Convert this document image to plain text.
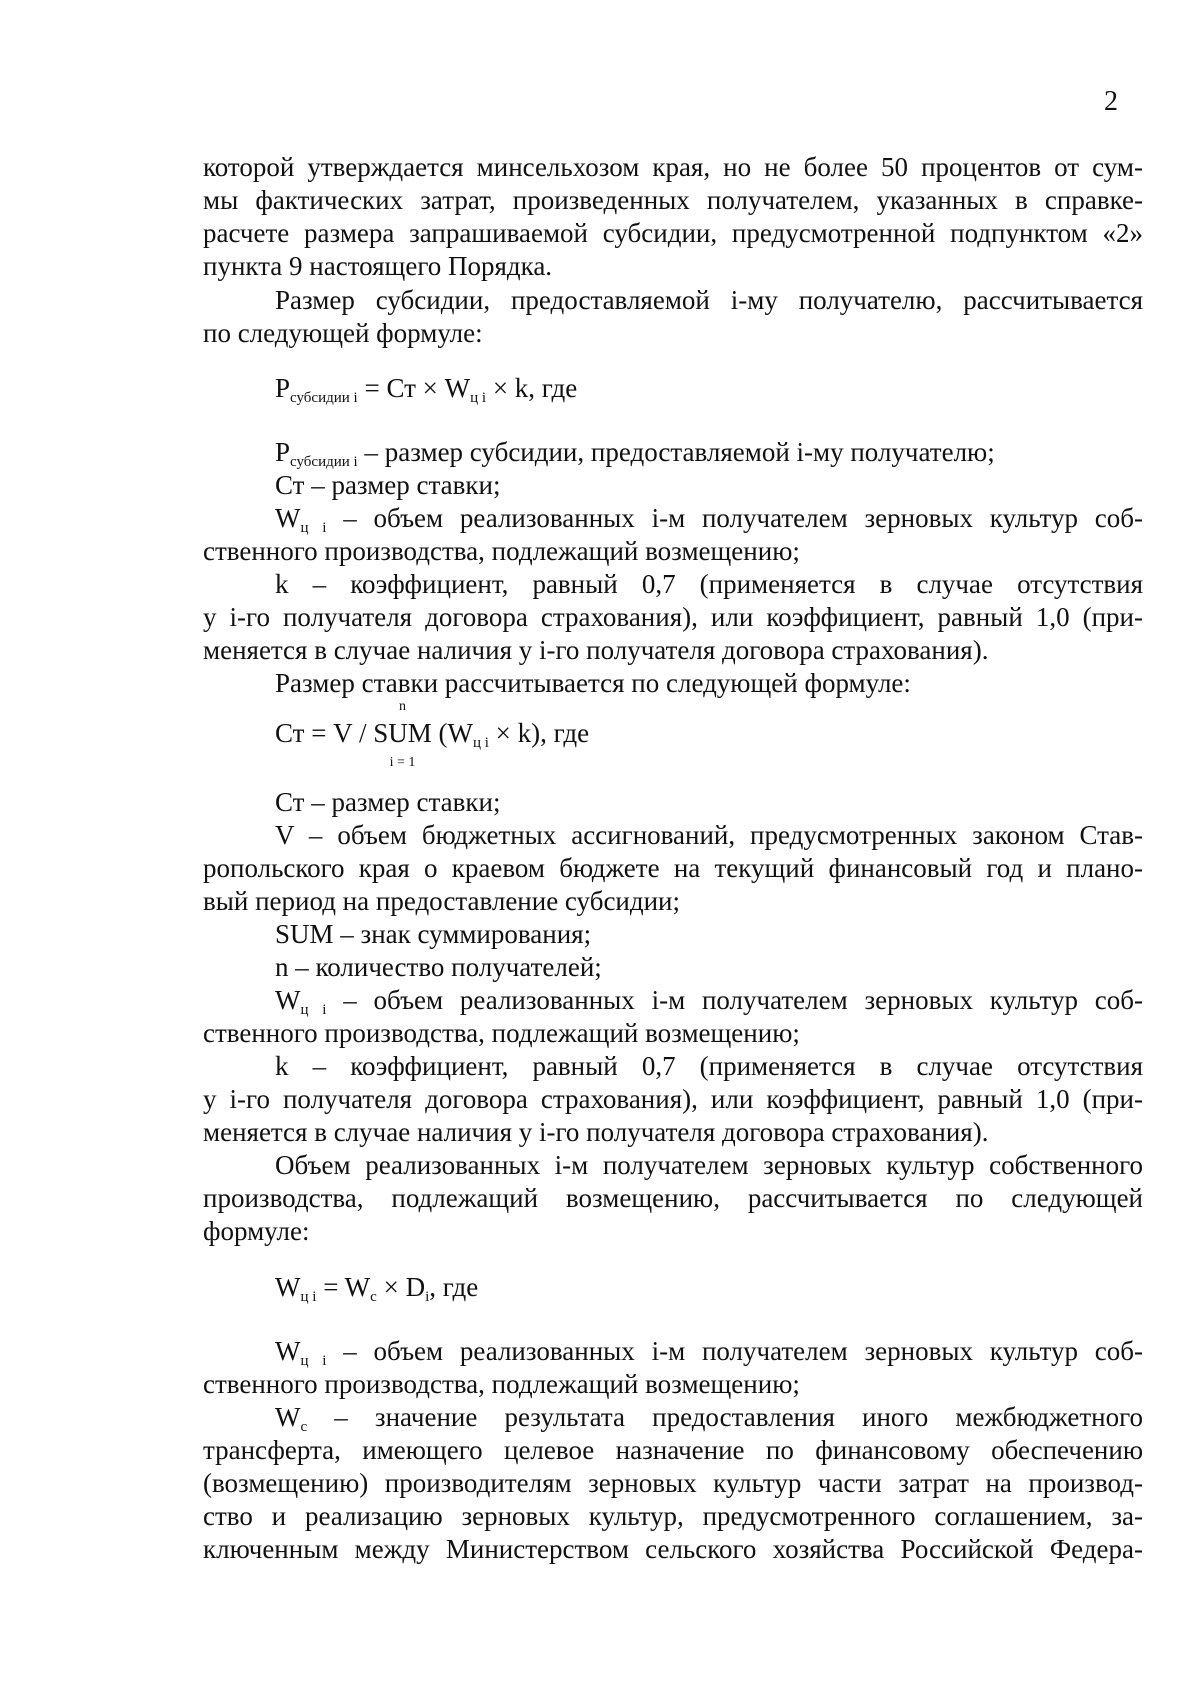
2
которой утверждается минсельхозом края, но не более 50 процентов от сум-
мы фактических затрат, произведенных получателем, указанных в справке-
расчете размера запрашиваемой субсидии, предусмотренной подпунктом «2»
пункта 9 настоящего Порядка.
Размер субсидии, предоставляемой i-му получателю, рассчитывается
по следующей формуле:
$P_{субсидии i}$ = Ст × $W_{ц i} \times k$, где
$P_{субсидии i}$ – размер субсидии, предоставляемой i-му получателю;
Ст – размер ставки;
$W_{ц i}$ – объем реализованных i-м получателем зерновых культур соб-
ственного производства, подлежащий возмещению;
k – коэффициент, равный 0,7 (применяется в случае отсутствия
у i-го получателя договора страхования), или коэффициент, равный 1,0 (при-
меняется в случае наличия у i-го получателя договора страхования).
Размер ставки рассчитывается по следующей формуле:
Ст = V /
n
SUM
i = 1
$(W_{ц i} \times k)$, где
Ст – размер ставки;
V – объем бюджетных ассигнований, предусмотренных законом Став-
ропольского края о краевом бюджете на текущий финансовый год и плано-
вый период на предоставление субсидии;
SUM – знак суммирования;
n – количество получателей;
$W_{ц i}$ – объем реализованных i-м получателем зерновых культур соб-
ственного производства, подлежащий возмещению;
k – коэффициент, равный 0,7 (применяется в случае отсутствия
у i-го получателя договора страхования), или коэффициент, равный 1,0 (при-
меняется в случае наличия у i-го получателя договора страхования).
Объем реализованных i-м получателем зерновых культур собственного
производства, подлежащий возмещению, рассчитывается по следующей
формуле:
$W_{ц i} = W_с \times D_i$, где
$W_{ц i}$ – объем реализованных i-м получателем зерновых культур соб-
ственного производства, подлежащий возмещению;
$W_с$ – значение результата предоставления иного межбюджетного
трансферта, имеющего целевое назначение по финансовому обеспечению
(возмещению) производителям зерновых культур части затрат на производ-
ство и реализацию зерновых культур, предусмотренного соглашением, за-
ключенным между Министерством сельского хозяйства Российской Федера-
